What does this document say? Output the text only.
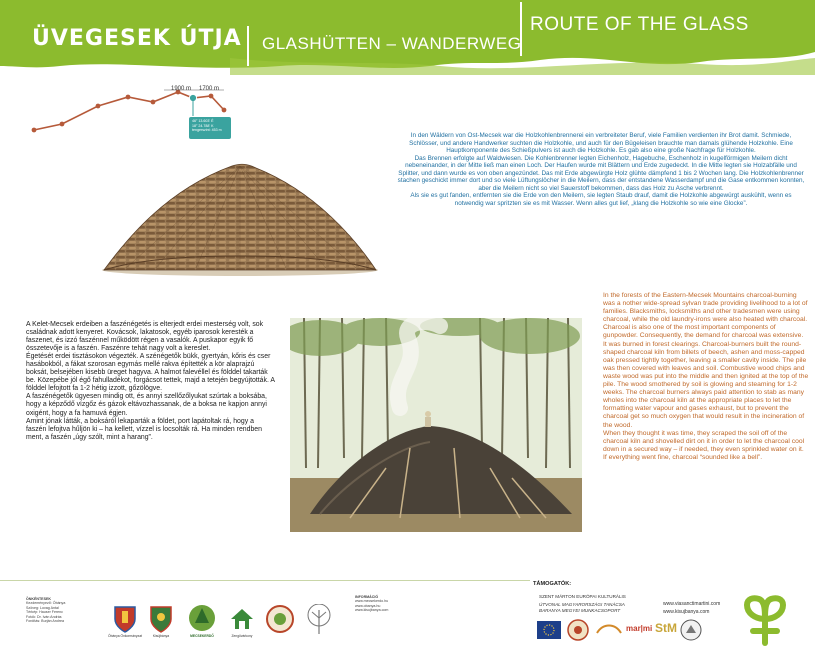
ÜVEGESEK ÚTJA GLASHÜTTEN – WANDERWEG
ROUTE OF THE GLASS
1900 m 1700 m
46° 13.603' É
18° 24.788' K
tengerszint: 453 m

In den Wäldern von Ost-Mecsek war die Holzkohlenbrennerei ein verbreiteter Beruf, viele Familien verdienten ihr Brot damit. Schmiede, Schlösser, und andere Handwerker suchten die Holzkohle, und auch für den Bügeleisen brauchte man damals glühende Holzkohle. Eine Hauptkomponente des Schießpulvers ist auch die Holzkohle. Es gab also eine große Nachfrage für Holzkohle.

Das Brennen erfolgte auf Waldwiesen. Die Kohlenbrenner legten Eichenholz, Hagebuche, Eschenholz in kugelförmigen Meilern dicht nebeneinander, in der Mitte ließ man einen Loch. Der Haufen wurde mit Blättern und Erde zugedeckt. In die Mitte legten sie Holzabfälle und Splitter, und dann wurde es von oben angezündet. Das mit Erde abgewürgte Holz glühte dämpfend 1 bis 2 Wochen lang. Die Holzkohlenbrenner stachen geschickt immer dort und so viele Lüftungslöcher in die Meilern, dass der entstandene Wasserdampf und die Gase entkommen konnten, aber die Meilern nicht so viel Sauerstoff bekommen, dass das Holz zu Asche verbrennt.

Als sie es gut fanden, entfernten sie die Erde von den Meilern, sie legten Staub drauf, damit die Holzkohle abgewürgt auskühlt, wenn es notwendig war spritzten sie es mit Wasser. Wenn alles gut lief, „klang die Holzkohle so wie eine Glocke”.

A Kelet-Mecsek erdeiben a faszénégetés is elterjedt erdei mesterség volt, sok családnak adott kenyeret. Kovácsok, lakatosok, egyéb iparosok keresték a faszenet, és izzó faszénnel működött régen a vasalók. A puskapor egyik fő összetevője is a faszén. Faszénre tehát nagy volt a kereslet.

Égetését erdei tisztásokon végezték. A szénégetők bükk, gyertyán, kőris és cser hasábokból, a fákat szorosan egymás mellé rakva építették a kör alaprajzú boksát, belsejében kisebb üreget hagyva. A halmot falevéllel és földdel takarták be. Közepébe jól égő fahulladékot, forgácsot tettek, majd a tetején begyújtották. A földdel lefojtott fa 1-2 hétig izzott, gőzölögve.

A faszénégetők ügyesen mindig ott, és annyi szellőzőlyukat szúrtak a boksába, hogy a képződő vízgőz és gázok eltávozhassanak, de a boksa ne kapjon annyi oxigént, hogy a fa hamuvá égjen.

Amint jónak látták, a boksáról lekaparták a földet, port lapátoltak rá, hogy a faszén lefojtva hűljön ki – ha kellett, vízzel is locsolták rá. Ha minden rendben ment, a faszén „úgy szólt, mint a harang”.

In the forests of the Eastern-Mecsek Mountains charcoal-burning was a nother wide-spread sylvan trade providing livelihood to a lot of families. Blacksmiths, locksmiths and other tradesmen were using charcoal, while the old laundry-irons were also heated with charcoal. Charcoal is also one of the most important components of gunpowder. Consequently, the demand for charcoal was extensive.

It was burned in forest clearings. Charcoal-burners built the round-shaped charcoal kiln from billets of beech, ashen and moss-capped oak pressed tightly together, leaving a smaller cavity inside. The pile was then covered with leaves and soil. Combustive wood chips and waste wood was put into the middle and then ignited at the top of the pile. The wood smothered by soil is glowing and steaming for 1-2 weeks. The charcoal burners always paid attention to stab as many wholes into the charcoal kiln at the appropriate places to let the formatting water vapour and gases exhaust, but to prevent the charcoal get so much oxygen that would result in the incineration of the wood.

When they thought it was time, they scraped the soil off of the charcoal kiln and shovelled dirt on it in order to let the charcoal cool down in a secured way – if needed, they even sprinkled water on it. If everything went fine, charcoal “sounded like a bell”.

ÖNKÉNTESEK
Kezdeményező: Óbánya
Szöveg: Lovag Antal
Térkép: Hauser Ferenc
Fotók: Dr. Iván András
Fordítás: Burján Andrea
Óbánya Önkormányzat	Kisújbánya	MECSEKERDŐ	Zengővárkony
INFORMÁCIÓ
www.mecsekerdo.hu
www.obanya.hu
www.kisujbanya.com
TÁMOGATÓK:
SZENT MÁRTON EURÓPAI KULTURÁLIS
ÚTVONAL MAGYARORSZÁGI TANÁCSA
BARANYA MEGYEI MUNKACSOPORT
www.viasanctimartini.com
www.kisujbanya.com
mar|mi StM
